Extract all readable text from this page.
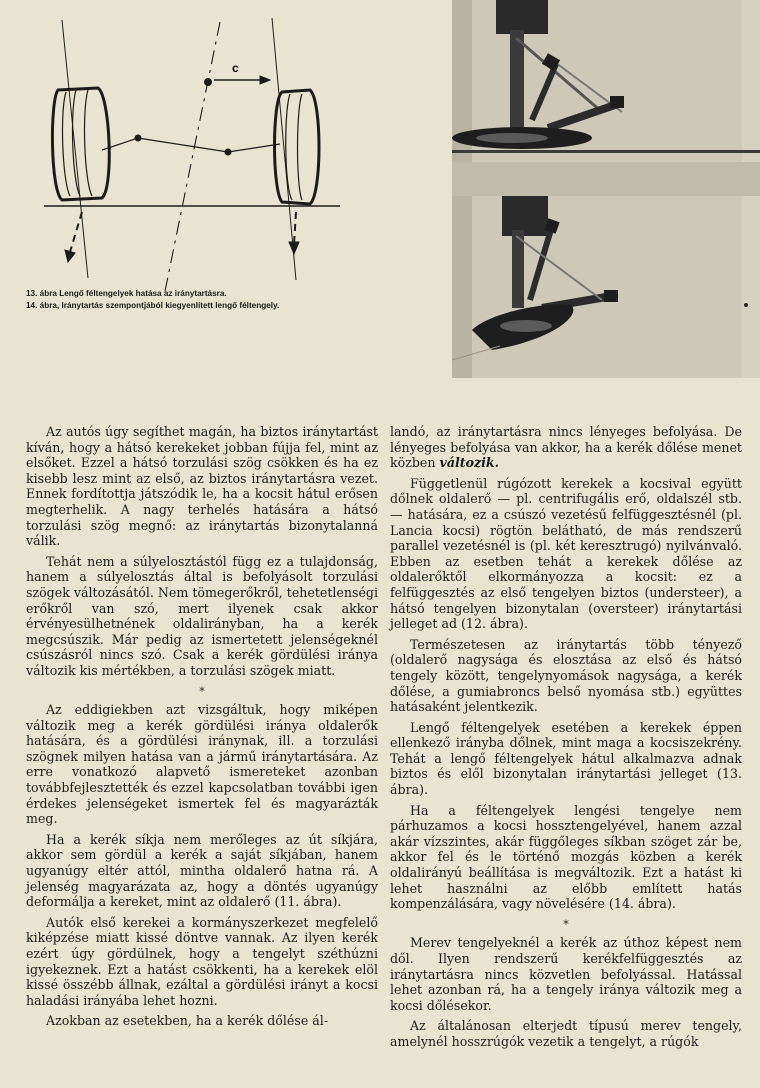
c
13. ábra Lengő féltengelyek hatása az iránytartásra.
14. ábra, Iránytartás szempontjából kiegyenlített lengő féltengely.

Az autós úgy segíthet magán, ha biztos iránytartást kíván, hogy a hátsó kerekeket jobban fújja fel, mint az elsőket. Ezzel a hátsó torzulási szög csökken és ha ez kisebb lesz mint az első, az biztos iránytartásra vezet. Ennek fordítottja játszódik le, ha a kocsit hátul erősen megterhelik. A nagy terhelés hatására a hátsó torzulási szög megnő: az iránytartás bizonytalanná válik.

Tehát nem a súlyelosztástól függ ez a tulajdonság, hanem a súlyelosztás által is befolyásolt torzulási szögek változásától. Nem tömegerőkről, tehetetlenségi erőkről van szó, mert ilyenek csak akkor érvényesülhetnének oldalirányban, ha a kerék megcsúszik. Már pedig az ismertetett jelenségeknél csúszásról nincs szó. Csak a kerék gördülési iránya változik kis mértékben, a torzulási szögek miatt.

*

Az eddigiekben azt vizsgáltuk, hogy miképen változik meg a kerék gördülési iránya oldalerők hatására, és a gördülési iránynak, ill. a torzulási szögnek milyen hatása van a jármű iránytartására. Az erre vonatkozó alapvető ismereteket azonban továbbfejlesztették és ezzel kapcsolatban további igen érdekes jelenségeket ismertek fel és magyarázták meg.

Ha a kerék síkja nem merőleges az út síkjára, akkor sem gördül a kerék a saját síkjában, hanem ugyanúgy eltér attól, mintha oldalerő hatna rá. A jelenség magyarázata az, hogy a döntés ugyanúgy deformálja a kereket, mint az oldalerő (11. ábra).

Autók első kerekei a kormányszerkezet megfelelő kiképzése miatt kissé döntve vannak. Az ilyen kerék ezért úgy gördülnek, hogy a tengelyt széthúzni igyekeznek. Ezt a hatást csökkenti, ha a kerekek elöl kissé összébb állnak, ezáltal a gördülési irányt a kocsi haladási irányába lehet hozni.

Azokban az esetekben, ha a kerék dőlése ál-

landó, az iránytartásra nincs lényeges befolyása. De lényeges befolyása van akkor, ha a kerék dőlése menet közben változik.

Függetlenül rúgózott kerekek a kocsival együtt dőlnek oldalerő — pl. centrifugális erő, oldalszél stb. — hatására, ez a csúszó vezetésű felfüggesztésnél (pl. Lancia kocsi) rögtön belátható, de más rendszerű parallel vezetésnél is (pl. két keresztrugó) nyilvánvaló. Ebben az esetben tehát a kerekek dőlése az oldalerőktől elkormányozza a kocsit: ez a felfüggesztés az első tengelyen biztos (understeer), a hátsó tengelyen bizonytalan (oversteer) iránytartási jelleget ad (12. ábra).

Természetesen az iránytartás több tényező (oldalerő nagysága és elosztása az első és hátsó tengely között, tengelynyomások nagysága, a kerék dőlése, a gumiabroncs belső nyomása stb.) együttes hatásaként jelentkezik.

Lengő féltengelyek esetében a kerekek éppen ellenkező irányba dőlnek, mint maga a kocsiszekrény. Tehát a lengő féltengelyek hátul alkalmazva adnak biztos és elől bizonytalan iránytartási jelleget (13. ábra).

Ha a féltengelyek lengési tengelye nem párhuzamos a kocsi hossztengelyével, hanem azzal akár vízszintes, akár függőleges síkban szöget zár be, akkor fel és le történő mozgás közben a kerék oldalirányú beállítása is megváltozik. Ezt a hatást ki lehet használni az előbb említett hatás kompenzálására, vagy növelésére (14. ábra).

*

Merev tengelyeknél a kerék az úthoz képest nem dől. Ilyen rendszerű kerékfelfüggesztés az iránytartásra nincs közvetlen befolyással. Hatással lehet azonban rá, ha a tengely iránya változik meg a kocsi dőlésekor.

Az általánosan elterjedt típusú merev tengely, amelynél hosszrúgók vezetik a tengelyt, a rúgók
